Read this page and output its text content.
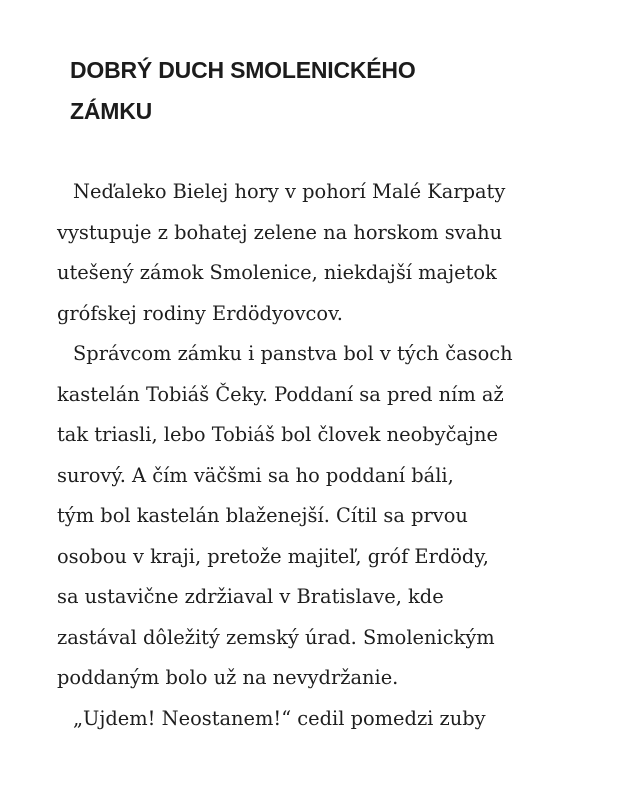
DOBRÝ DUCH SMOLENICKÉHO
ZÁMKU
Neďaleko Bielej hory v pohorí Malé Karpaty
vystupuje z bohatej zelene na horskom svahu
utešený zámok Smolenice, niekdajší majetok
grófskej rodiny Erdödyovcov.
Správcom zámku i panstva bol v tých časoch
kastelán Tobiáš Čeky. Poddaní sa pred ním až
tak triasli, lebo Tobiáš bol človek neobyčajne
surový. A čím väčšmi sa ho poddaní báli,
tým bol kastelán blaženejší. Cítil sa prvou
osobou v kraji, pretože majiteľ, gróf Erdödy,
sa ustavične zdržiaval v Bratislave, kde
zastával dôležitý zemský úrad. Smolenickým
poddaným bolo už na nevydržanie.
„Ujdem! Neostanem!“ cedil pomedzi zuby
